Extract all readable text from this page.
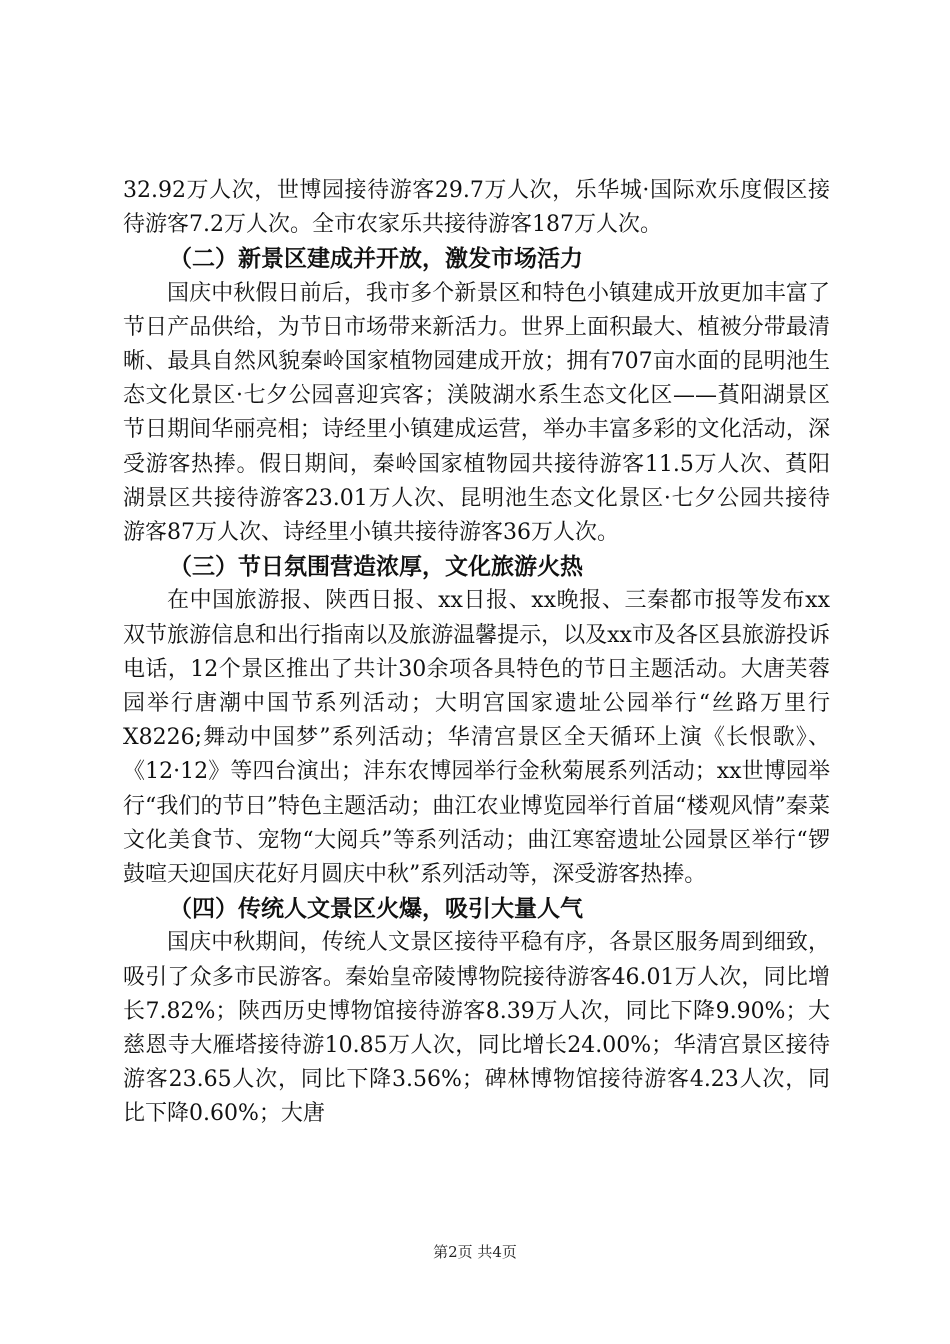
32.92万人次，世博园接待游客29.7万人次，乐华城·国际欢乐度假区接待游客7.2万人次。全市农家乐共接待游客187万人次。

（二）新景区建成并开放，激发市场活力

国庆中秋假日前后，我市多个新景区和特色小镇建成开放更加丰富了节日产品供给，为节日市场带来新活力。世界上面积最大、植被分带最清晰、最具自然风貌秦岭国家植物园建成开放；拥有707亩水面的昆明池生态文化景区·七夕公园喜迎宾客；渼陂湖水系生态文化区——萯阳湖景区节日期间华丽亮相；诗经里小镇建成运营，举办丰富多彩的文化活动，深受游客热捧。假日期间，秦岭国家植物园共接待游客11.5万人次、萯阳湖景区共接待游客23.01万人次、昆明池生态文化景区·七夕公园共接待游客87万人次、诗经里小镇共接待游客36万人次。

（三）节日氛围营造浓厚，文化旅游火热

在中国旅游报、陕西日报、xx日报、xx晚报、三秦都市报等发布xx双节旅游信息和出行指南以及旅游温馨提示，以及xx市及各区县旅游投诉电话，12个景区推出了共计30余项各具特色的节日主题活动。大唐芙蓉园举行唐潮中国节系列活动；大明宫国家遗址公园举行“丝路万里行X8226;舞动中国梦”系列活动；华清宫景区全天循环上演《长恨歌》、《12·12》等四台演出；沣东农博园举行金秋菊展系列活动；xx世博园举行“我们的节日”特色主题活动；曲江农业博览园举行首届“楼观风情”秦菜文化美食节、宠物“大阅兵”等系列活动；曲江寒窑遗址公园景区举行“锣鼓喧天迎国庆花好月圆庆中秋”系列活动等，深受游客热捧。

（四）传统人文景区火爆，吸引大量人气

国庆中秋期间，传统人文景区接待平稳有序，各景区服务周到细致，吸引了众多市民游客。秦始皇帝陵博物院接待游客46.01万人次，同比增长7.82%；陕西历史博物馆接待游客8.39万人次，同比下降9.90%；大慈恩寺大雁塔接待游10.85万人次，同比增长24.00%；华清宫景区接待游客23.65人次，同比下降3.56%；碑林博物馆接待游客4.23人次，同比下降0.60%；大唐

第2页 共4页
